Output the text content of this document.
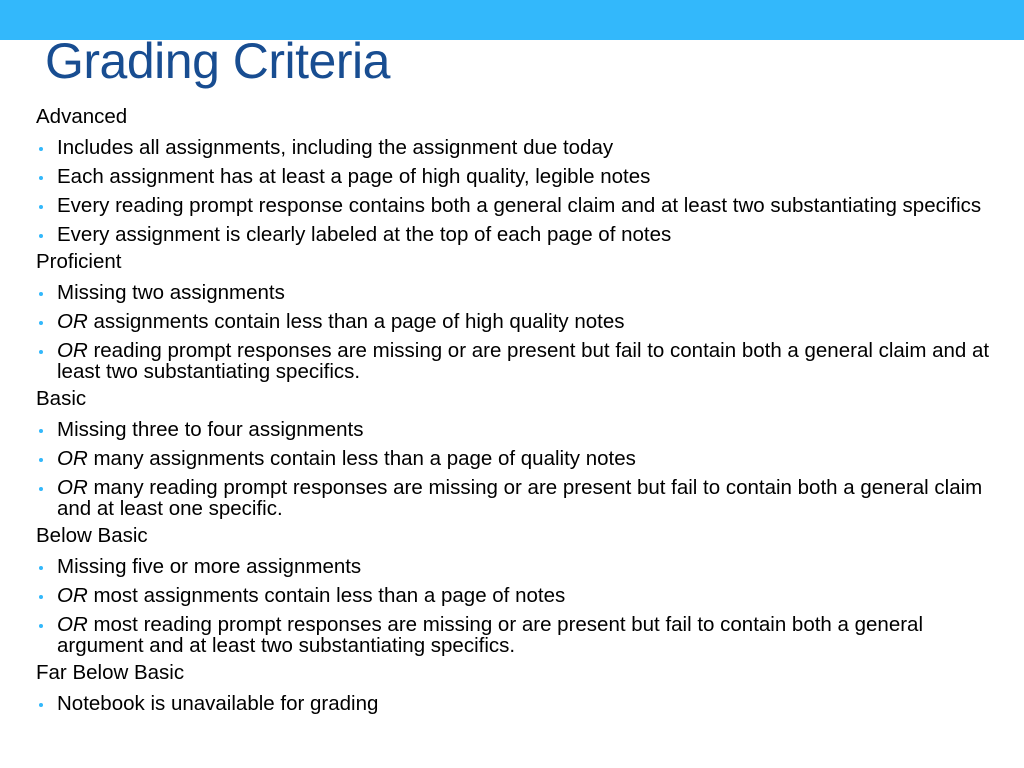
Grading Criteria
Advanced
Includes all assignments, including the assignment due today
Each assignment has at least a page of high quality, legible notes
Every reading prompt response contains both a general claim and at least two substantiating specifics
Every assignment is clearly labeled at the top of each page of notes
Proficient
Missing two assignments
OR assignments contain less than a page of high quality notes
OR reading prompt responses are missing or are present but fail to contain both a general claim and at least two substantiating specifics.
Basic
Missing three to four assignments
OR many assignments contain less than a page of quality notes
OR many reading prompt responses are missing or are present but fail to contain both a general claim and at least one specific.
Below Basic
Missing five or more assignments
OR most assignments contain less than a page of notes
OR most reading prompt responses are missing or are present but fail to contain both a general argument and at least two substantiating specifics.
Far Below Basic
Notebook is unavailable for grading
